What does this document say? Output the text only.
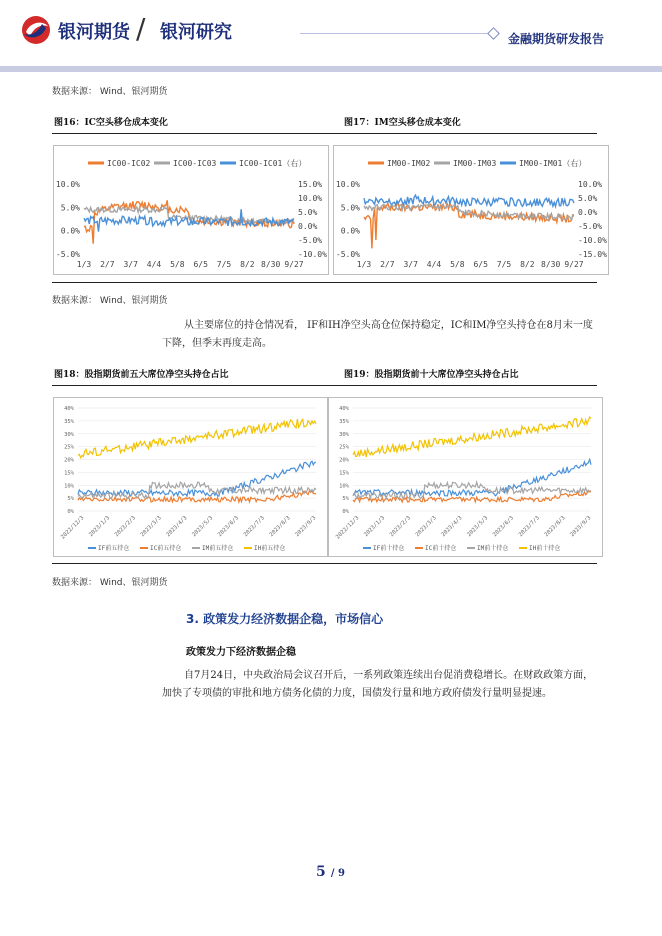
银河期货 / 银河研究	金融期货研发报告
数据来源： Wind、银河期货
图16：IC空头移仓成本变化	图17：IM空头移仓成本变化
IC00-IC02	IC00-IC03	IC00-IC01（右）
10.0%
5.0%
0.0%
-5.0%
15.0%
10.0%
5.0%
0.0%
-5.0%
-10.0%
1/3 2/7 3/7 4/4 5/8 6/5 7/5 8/2 8/30 9/27
IM00-IM02	IM00-IM03	IM00-IM01（右）
10.0%
5.0%
0.0%
-5.0%
10.0%
5.0%
0.0%
-5.0%
-10.0%
-15.0%
1/3 2/7 3/7 4/4 5/8 6/5 7/5 8/2 8/30 9/27
数据来源： Wind、银河期货
从主要席位的持仓情况看， IF和IH净空头高仓位保持稳定，IC和IM净空头持仓在8月末一度下降，但季末再度走高。
图18：股指期货前五大席位净空头持仓占比	图19：股指期货前十大席位净空头持仓占比
40%
35%
30%
25%
20%
15%
10%
5%
0%
2022/12/3 2023/1/3 2023/2/3 2023/3/3 2023/4/3 2023/5/3 2023/6/3 2023/7/3 2023/8/3 2023/9/3
IF前五持仓	IC前五持仓	IM前五持仓	IH前五持仓
40%
35%
30%
25%
20%
15%
10%
5%
0%
2022/12/3 2023/1/3 2023/2/3 2023/3/3 2023/4/3 2023/5/3 2023/6/3 2023/7/3 2023/8/3 2023/9/3
IF前十持仓	IC前十持仓	IM前十持仓	IH前十持仓
数据来源： Wind、银河期货
3. 政策发力经济数据企稳，市场信心
政策发力下经济数据企稳
自7月24日，中央政治局会议召开后，一系列政策连续出台促消费稳增长。在财政政策方面，加快了专项债的审批和地方债务化债的力度，国债发行量和地方政府债发行量明显提速。
5 / 9
